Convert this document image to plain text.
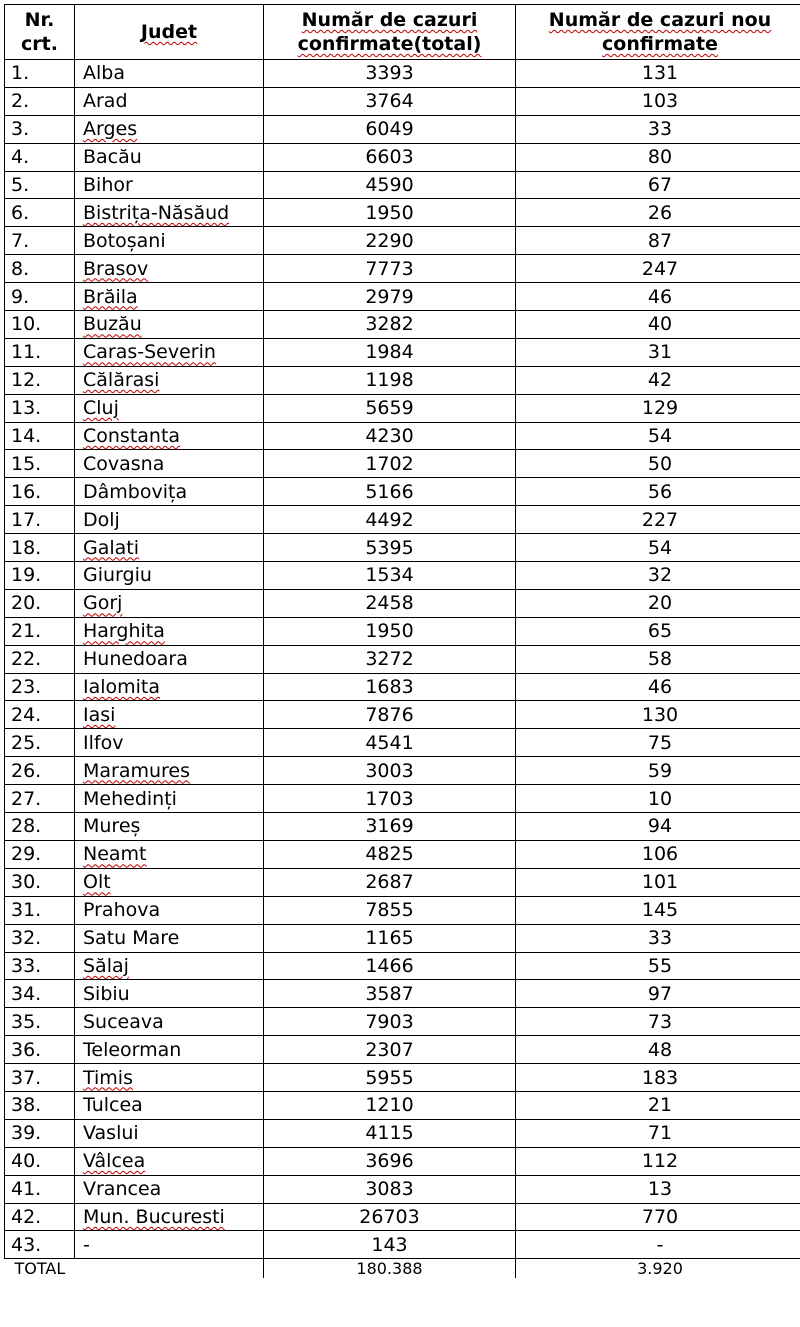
Nr. crt.	Judet	Număr de cazuri confirmate(total)	Număr de cazuri nou confirmate
1.	Alba	3393	131
2.	Arad	3764	103
3.	Arges	6049	33
4.	Bacău	6603	80
5.	Bihor	4590	67
6.	Bistrița-Năsăud	1950	26
7.	Botoșani	2290	87
8.	Brasov	7773	247
9.	Brăila	2979	46
10.	Buzău	3282	40
11.	Caras-Severin	1984	31
12.	Călărasi	1198	42
13.	Cluj	5659	129
14.	Constanta	4230	54
15.	Covasna	1702	50
16.	Dâmbovița	5166	56
17.	Dolj	4492	227
18.	Galati	5395	54
19.	Giurgiu	1534	32
20.	Gorj	2458	20
21.	Harghita	1950	65
22.	Hunedoara	3272	58
23.	Ialomita	1683	46
24.	Iasi	7876	130
25.	Ilfov	4541	75
26.	Maramures	3003	59
27.	Mehedinți	1703	10
28.	Mureș	3169	94
29.	Neamt	4825	106
30.	Olt	2687	101
31.	Prahova	7855	145
32.	Satu Mare	1165	33
33.	Sălaj	1466	55
34.	Sibiu	3587	97
35.	Suceava	7903	73
36.	Teleorman	2307	48
37.	Timis	5955	183
38.	Tulcea	1210	21
39.	Vaslui	4115	71
40.	Vâlcea	3696	112
41.	Vrancea	3083	13
42.	Mun. Bucuresti	26703	770
43.	-	143	-
TOTAL		180.388	3.920
